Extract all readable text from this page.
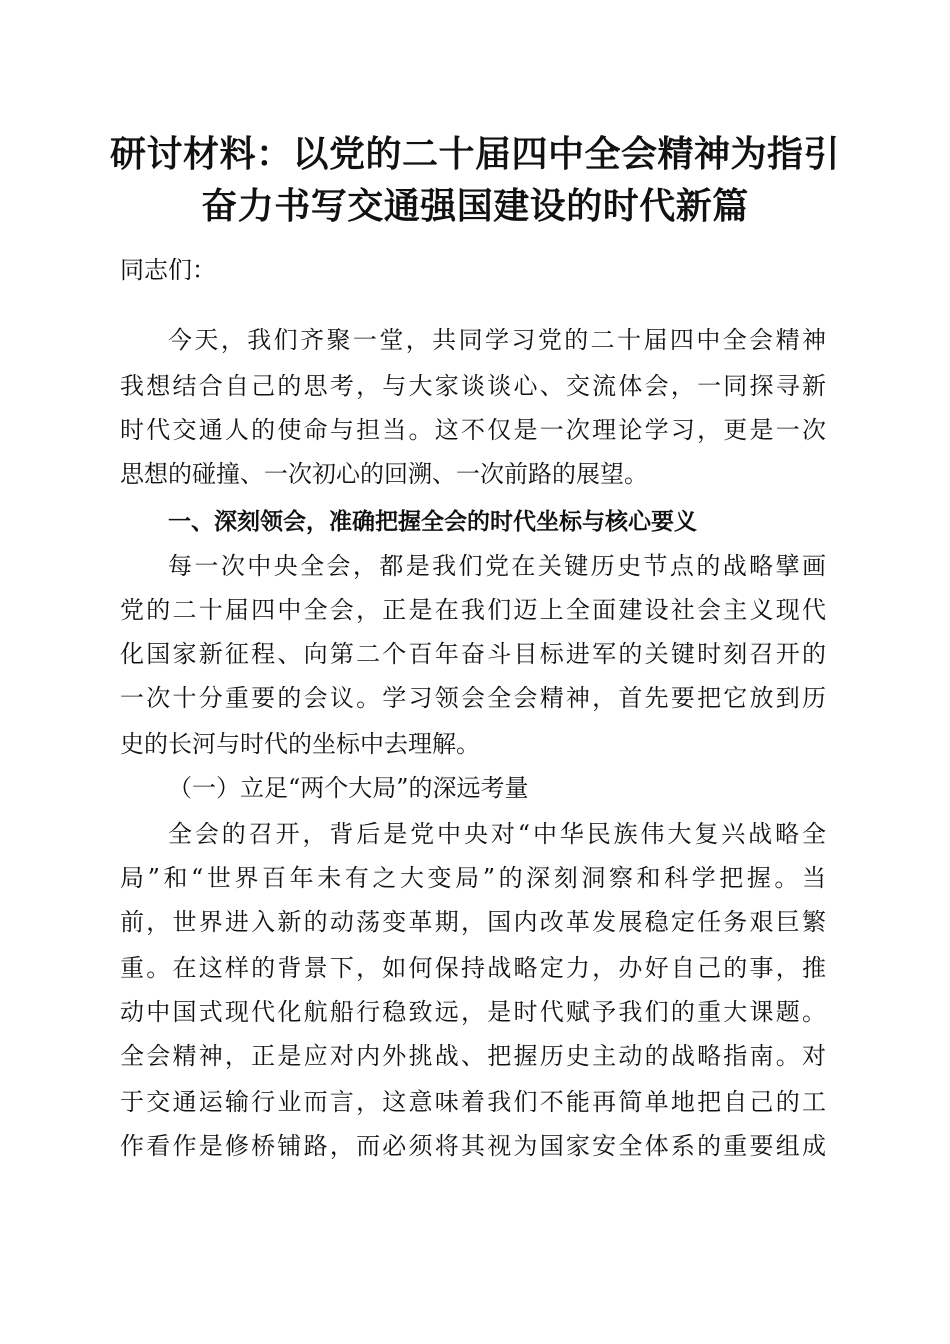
研讨材料：以党的二十届四中全会精神为指引
奋力书写交通强国建设的时代新篇
同志们：
今天，我们齐聚一堂，共同学习党的二十届四中全会精神
我想结合自己的思考，与大家谈谈心、交流体会，一同探寻新
时代交通人的使命与担当。这不仅是一次理论学习，更是一次
思想的碰撞、一次初心的回溯、一次前路的展望。
一、深刻领会，准确把握全会的时代坐标与核心要义
每一次中央全会，都是我们党在关键历史节点的战略擘画
党的二十届四中全会，正是在我们迈上全面建设社会主义现代
化国家新征程、向第二个百年奋斗目标进军的关键时刻召开的
一次十分重要的会议。学习领会全会精神，首先要把它放到历
史的长河与时代的坐标中去理解。
（一）立足“两个大局”的深远考量
全会的召开，背后是党中央对“中华民族伟大复兴战略全
局”和“世界百年未有之大变局”的深刻洞察和科学把握。当
前，世界进入新的动荡变革期，国内改革发展稳定任务艰巨繁
重。在这样的背景下，如何保持战略定力，办好自己的事，推
动中国式现代化航船行稳致远，是时代赋予我们的重大课题。
全会精神，正是应对内外挑战、把握历史主动的战略指南。对
于交通运输行业而言，这意味着我们不能再简单地把自己的工
作看作是修桥铺路，而必须将其视为国家安全体系的重要组成
